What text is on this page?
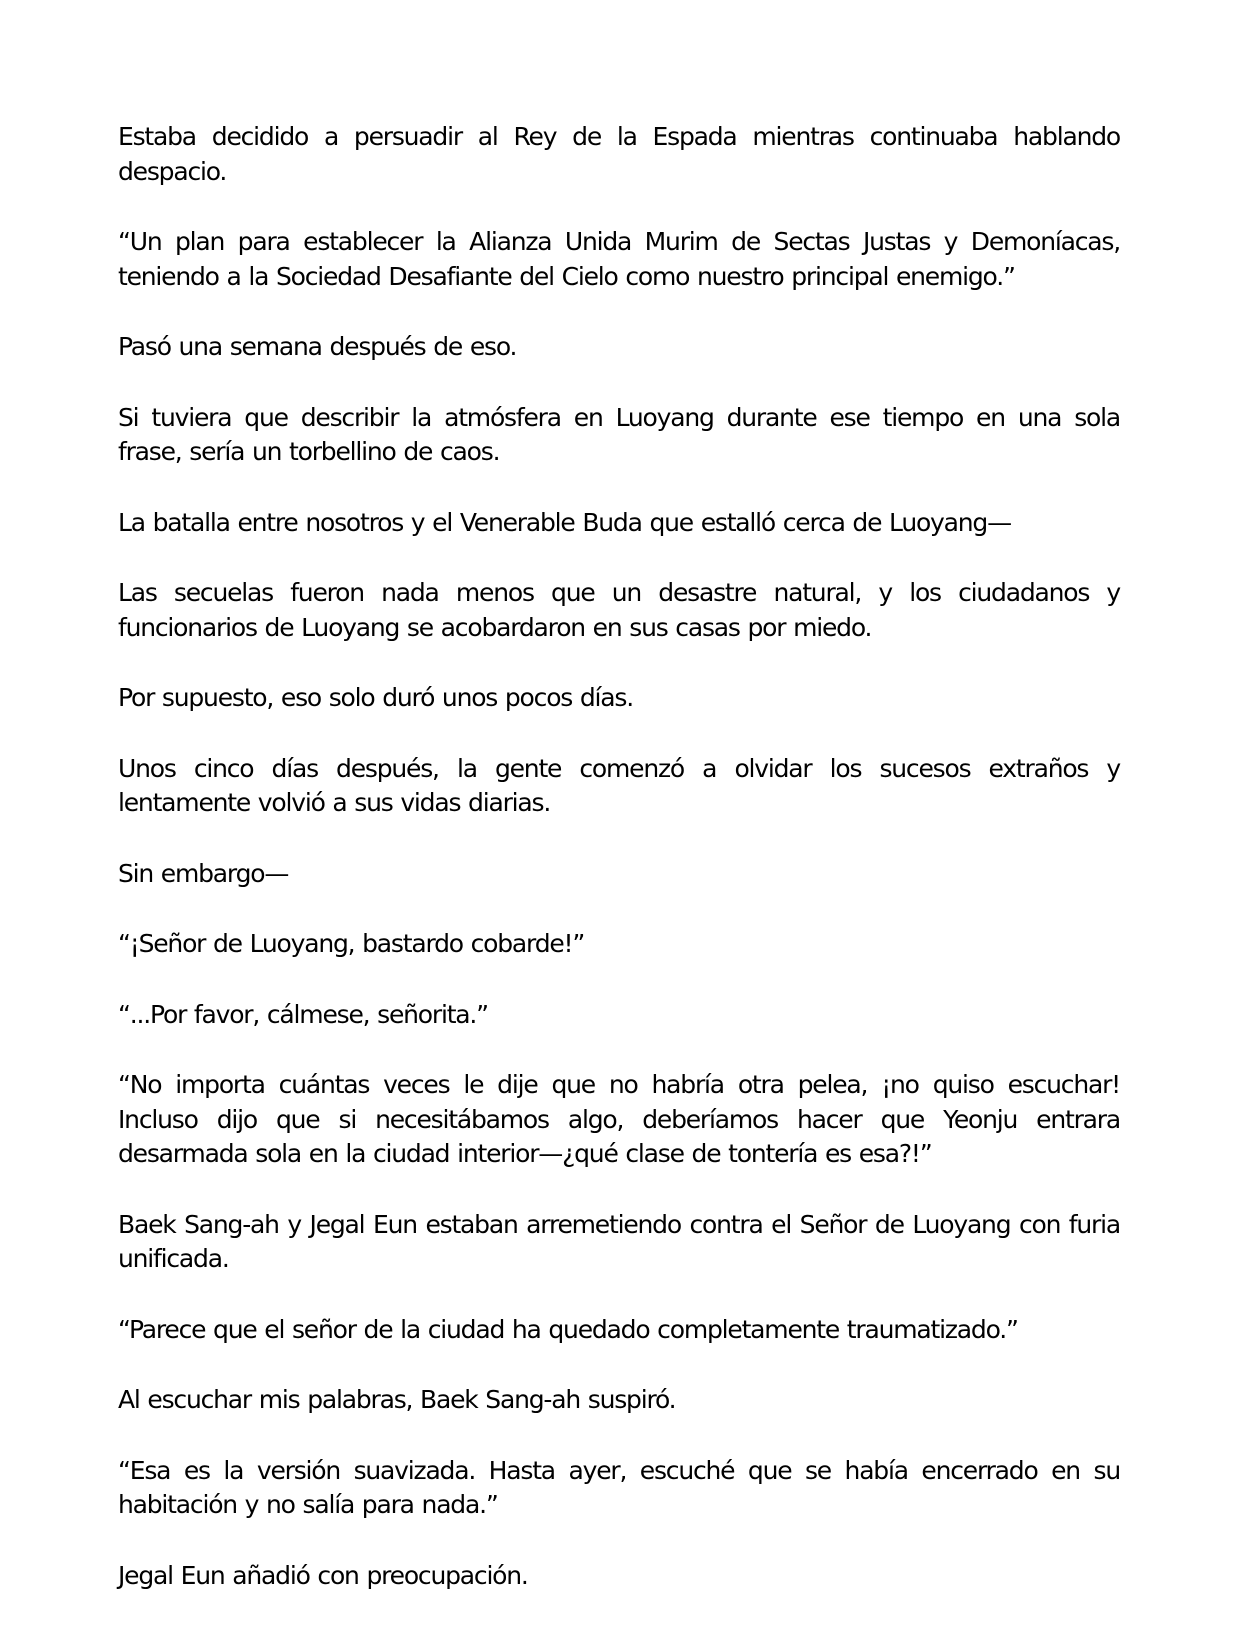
Estaba decidido a persuadir al Rey de la Espada mientras continuaba hablando despacio.

“Un plan para establecer la Alianza Unida Murim de Sectas Justas y Demoníacas, teniendo a la Sociedad Desafiante del Cielo como nuestro principal enemigo.”

Pasó una semana después de eso.

Si tuviera que describir la atmósfera en Luoyang durante ese tiempo en una sola frase, sería un torbellino de caos.

La batalla entre nosotros y el Venerable Buda que estalló cerca de Luoyang—

Las secuelas fueron nada menos que un desastre natural, y los ciudadanos y funcionarios de Luoyang se acobardaron en sus casas por miedo.

Por supuesto, eso solo duró unos pocos días.

Unos cinco días después, la gente comenzó a olvidar los sucesos extraños y lentamente volvió a sus vidas diarias.

Sin embargo—

“¡Señor de Luoyang, bastardo cobarde!”

“...Por favor, cálmese, señorita.”

“No importa cuántas veces le dije que no habría otra pelea, ¡no quiso escuchar! Incluso dijo que si necesitábamos algo, deberíamos hacer que Yeonju entrara desarmada sola en la ciudad interior—¿qué clase de tontería es esa?!”

Baek Sang-ah y Jegal Eun estaban arremetiendo contra el Señor de Luoyang con furia unificada.

“Parece que el señor de la ciudad ha quedado completamente traumatizado.”

Al escuchar mis palabras, Baek Sang-ah suspiró.

“Esa es la versión suavizada. Hasta ayer, escuché que se había encerrado en su habitación y no salía para nada.”

Jegal Eun añadió con preocupación.
